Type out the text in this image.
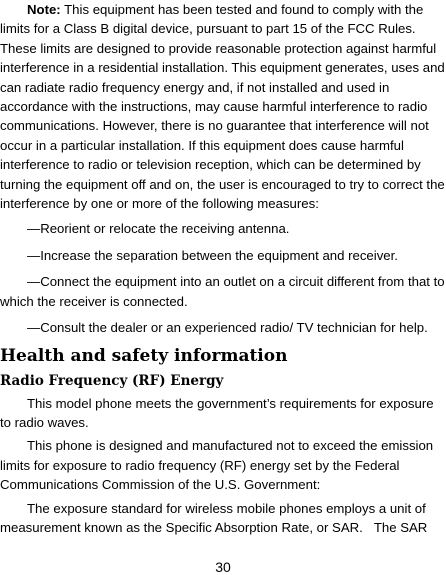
Note: This equipment has been tested and found to comply with the limits for a Class B digital device, pursuant to part 15 of the FCC Rules. These limits are designed to provide reasonable protection against harmful interference in a residential installation. This equipment generates, uses and can radiate radio frequency energy and, if not installed and used in accordance with the instructions, may cause harmful interference to radio communications. However, there is no guarantee that interference will not occur in a particular installation. If this equipment does cause harmful interference to radio or television reception, which can be determined by turning the equipment off and on, the user is encouraged to try to correct the interference by one or more of the following measures:

—Reorient or relocate the receiving antenna.

—Increase the separation between the equipment and receiver.

—Connect the equipment into an outlet on a circuit different from that to which the receiver is connected.

—Consult the dealer or an experienced radio/ TV technician for help.

Health and safety information
Radio Frequency (RF) Energy

This model phone meets the government’s requirements for exposure to radio waves.

This phone is designed and manufactured not to exceed the emission limits for exposure to radio frequency (RF) energy set by the Federal Communications Commission of the U.S. Government:

The exposure standard for wireless mobile phones employs a unit of measurement known as the Specific Absorption Rate, or SAR.   The SAR

30
